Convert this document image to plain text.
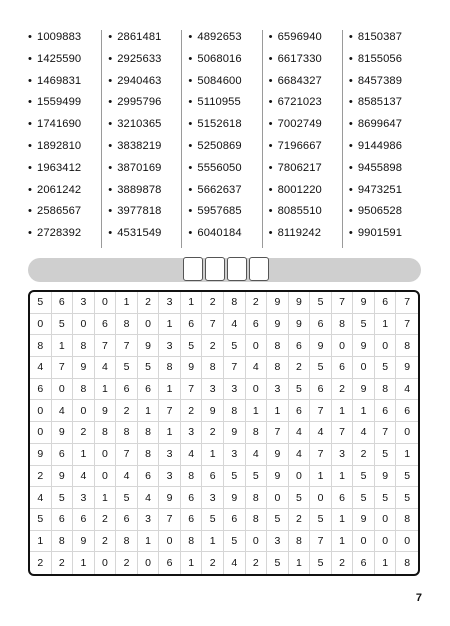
• 1009883
• 1425590
• 1469831
• 1559499
• 1741690
• 1892810
• 1963412
• 2061242
• 2586567
• 2728392
• 2861481
• 2925633
• 2940463
• 2995796
• 3210365
• 3838219
• 3870169
• 3889878
• 3977818
• 4531549
• 4892653
• 5068016
• 5084600
• 5110955
• 5152618
• 5250869
• 5556050
• 5662637
• 5957685
• 6040184
• 6596940
• 6617330
• 6684327
• 6721023
• 7002749
• 7196667
• 7806217
• 8001220
• 8085510
• 8119242
• 8150387
• 8155056
• 8457389
• 8585137
• 8699647
• 9144986
• 9455898
• 9473251
• 9506528
• 9901591
5	6	3	0	1	2	3	1	2	8	2	9	9	5	7	9	6	7
0	5	0	6	8	0	1	6	7	4	6	9	9	6	8	5	1	7
8	1	8	7	7	9	3	5	2	5	0	8	6	9	0	9	0	8
4	7	9	4	5	5	8	9	8	7	4	8	2	5	6	0	5	9
6	0	8	1	6	6	1	7	3	3	0	3	5	6	2	9	8	4
0	4	0	9	2	1	7	2	9	8	1	1	6	7	1	1	6	6
0	9	2	8	8	8	1	3	2	9	8	7	4	4	7	4	7	0
9	6	1	0	7	8	3	4	1	3	4	9	4	7	3	2	5	1
2	9	4	0	4	6	3	8	6	5	5	9	0	1	1	5	9	5
4	5	3	1	5	4	9	6	3	9	8	0	5	0	6	5	5	5
5	6	6	2	6	3	7	6	5	6	8	5	2	5	1	9	0	8
1	8	9	2	8	1	0	8	1	5	0	3	8	7	1	0	0	0
2	2	1	0	2	0	6	1	2	4	2	5	1	5	2	6	1	8
7
